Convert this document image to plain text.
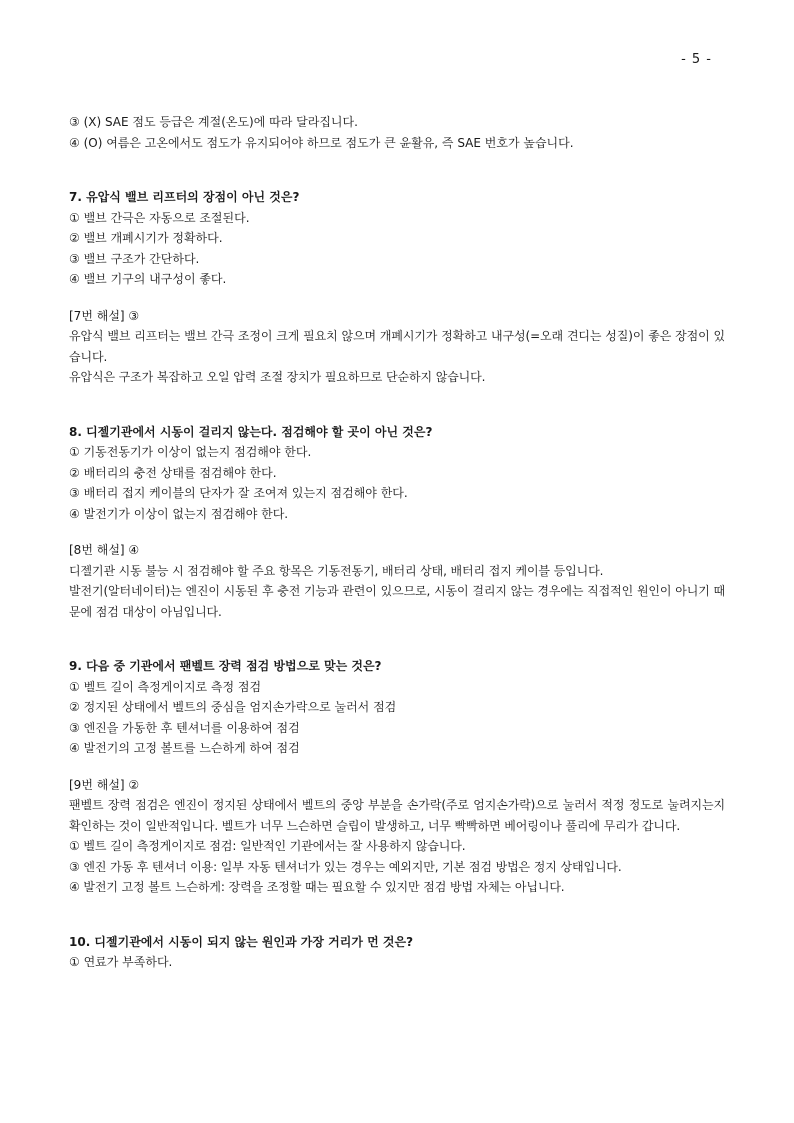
- 5 -
③ (X) SAE 점도 등급은 계절(온도)에 따라 달라집니다.
④ (O) 여름은 고온에서도 점도가 유지되어야 하므로 점도가 큰 윤활유, 즉 SAE 번호가 높습니다.
7. 유압식 밸브 리프터의 장점이 아닌 것은?
① 밸브 간극은 자동으로 조절된다.
② 밸브 개폐시기가 정확하다.
③ 밸브 구조가 간단하다.
④ 밸브 기구의 내구성이 좋다.
[7번 해설] ③
유압식 밸브 리프터는 밸브 간극 조정이 크게 필요치 않으며 개폐시기가 정확하고 내구성(=오래 견디는 성질)이 좋은 장점이 있습니다.
유압식은 구조가 복잡하고 오일 압력 조절 장치가 필요하므로 단순하지 않습니다.
8. 디젤기관에서 시동이 걸리지 않는다. 점검해야 할 곳이 아닌 것은?
① 기동전동기가 이상이 없는지 점검해야 한다.
② 배터리의 충전 상태를 점검해야 한다.
③ 배터리 접지 케이블의 단자가 잘 조여져 있는지 점검해야 한다.
④ 발전기가 이상이 없는지 점검해야 한다.
[8번 해설] ④
디젤기관 시동 불능 시 점검해야 할 주요 항목은 기동전동기, 배터리 상태, 배터리 접지 케이블 등입니다.
발전기(알터네이터)는 엔진이 시동된 후 충전 기능과 관련이 있으므로, 시동이 걸리지 않는 경우에는 직접적인 원인이 아니기 때문에 점검 대상이 아님입니다.
9. 다음 중 기관에서 팬벨트 장력 점검 방법으로 맞는 것은?
① 벨트 길이 측정게이지로 측정 점검
② 정지된 상태에서 벨트의 중심을 엄지손가락으로 눌러서 점검
③ 엔진을 가동한 후 텐셔너를 이용하여 점검
④ 발전기의 고정 볼트를 느슨하게 하여 점검
[9번 해설] ②
팬벨트 장력 점검은 엔진이 정지된 상태에서 벨트의 중앙 부분을 손가락(주로 엄지손가락)으로 눌러서 적정 정도로 눌려지는지 확인하는 것이 일반적입니다. 벨트가 너무 느슨하면 슬립이 발생하고, 너무 빡빡하면 베어링이나 풀리에 무리가 갑니다.
① 벨트 길이 측정게이지로 점검: 일반적인 기관에서는 잘 사용하지 않습니다.
③ 엔진 가동 후 텐셔너 이용: 일부 자동 텐셔너가 있는 경우는 예외지만, 기본 점검 방법은 정지 상태입니다.
④ 발전기 고정 볼트 느슨하게: 장력을 조정할 때는 필요할 수 있지만 점검 방법 자체는 아닙니다.
10. 디젤기관에서 시동이 되지 않는 원인과 가장 거리가 먼 것은?
① 연료가 부족하다.
